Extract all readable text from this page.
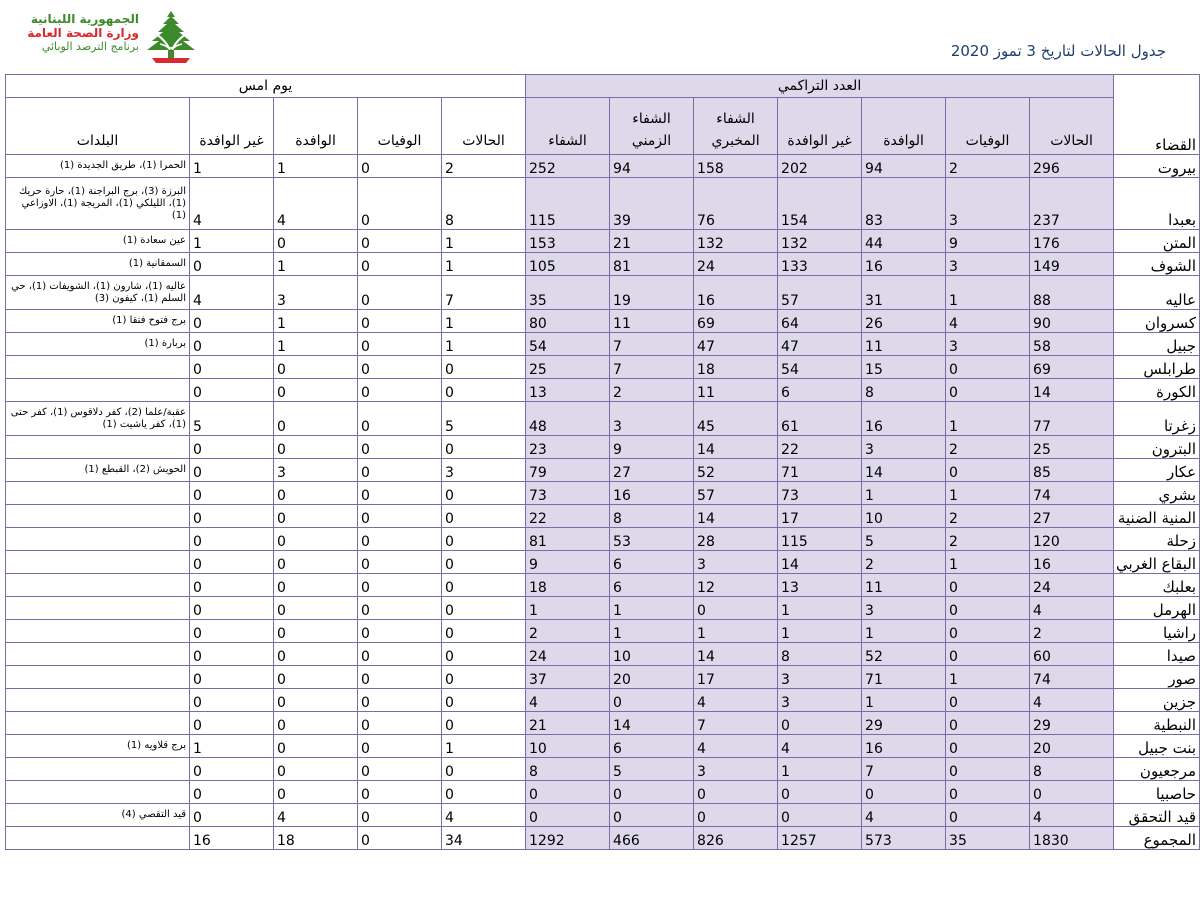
الجمهورية اللبنانية
وزارة الصحة العامة
برنامج الترصد الوبائي	جدول الحالات لتاريخ 3 تموز 2020
القضاء	العدد التراكمي							يوم امس				
	الحالات	الوفيات	الوافدة	غير الوافدة	الشفاء المخبري	الشفاء الزمني	الشفاء	الحالات	الوفيات	الوافدة	غير الوافدة	البلدات
بيروت	296	2	94	202	158	94	252	2	0	1	1	الحمرا (1)، طريق الجديدة (1)
بعبدا	237	3	83	154	76	39	115	8	0	4	4	البرزة (3)، برج البراجنة (1)، حارة حريك (1)، الليلكي (1)، المريجة (1)، الاوزاعي (1)
المتن	176	9	44	132	132	21	153	1	0	0	1	عين سعادة (1)
الشوف	149	3	16	133	24	81	105	1	0	1	0	السمقانية (1)
عاليه	88	1	31	57	16	19	35	7	0	3	4	عاليه (1)، شارون (1)، الشويفات (1)، حي السلم (1)، كيفون (3)
كسروان	90	4	26	64	69	11	80	1	0	1	0	برج فتوح فتقا (1)
جبيل	58	3	11	47	47	7	54	1	0	1	0	بربارة (1)
طرابلس	69	0	15	54	18	7	25	0	0	0	0	
الكورة	14	0	8	6	11	2	13	0	0	0	0	
زغرتا	77	1	16	61	45	3	48	5	0	0	5	عقبة/علما (2)، كفر دلاقوس (1)، كفر حتى (1)، كفر ياشيت (1)
البترون	25	2	3	22	14	9	23	0	0	0	0	
عكار	85	0	14	71	52	27	79	3	0	3	0	الحويش (2)، القبطع (1)
بشري	74	1	1	73	57	16	73	0	0	0	0	
المنية الضنية	27	2	10	17	14	8	22	0	0	0	0	
زحلة	120	2	5	115	28	53	81	0	0	0	0	
البقاع الغربي	16	1	2	14	3	6	9	0	0	0	0	
بعلبك	24	0	11	13	12	6	18	0	0	0	0	
الهرمل	4	0	3	1	0	1	1	0	0	0	0	
راشيا	2	0	1	1	1	1	2	0	0	0	0	
صيدا	60	0	52	8	14	10	24	0	0	0	0	
صور	74	1	71	3	17	20	37	0	0	0	0	
جزين	4	0	1	3	4	0	4	0	0	0	0	
النبطية	29	0	29	0	7	14	21	0	0	0	0	
بنت جبيل	20	0	16	4	4	6	10	1	0	0	1	برج قلاويه (1)
مرجعيون	8	0	7	1	3	5	8	0	0	0	0	
حاصبيا	0	0	0	0	0	0	0	0	0	0	0	
قيد التحقق	4	0	4	0	0	0	0	4	0	4	0	قيد التقصي (4)
المجموع	1830	35	573	1257	826	466	1292	34	0	18	16	
